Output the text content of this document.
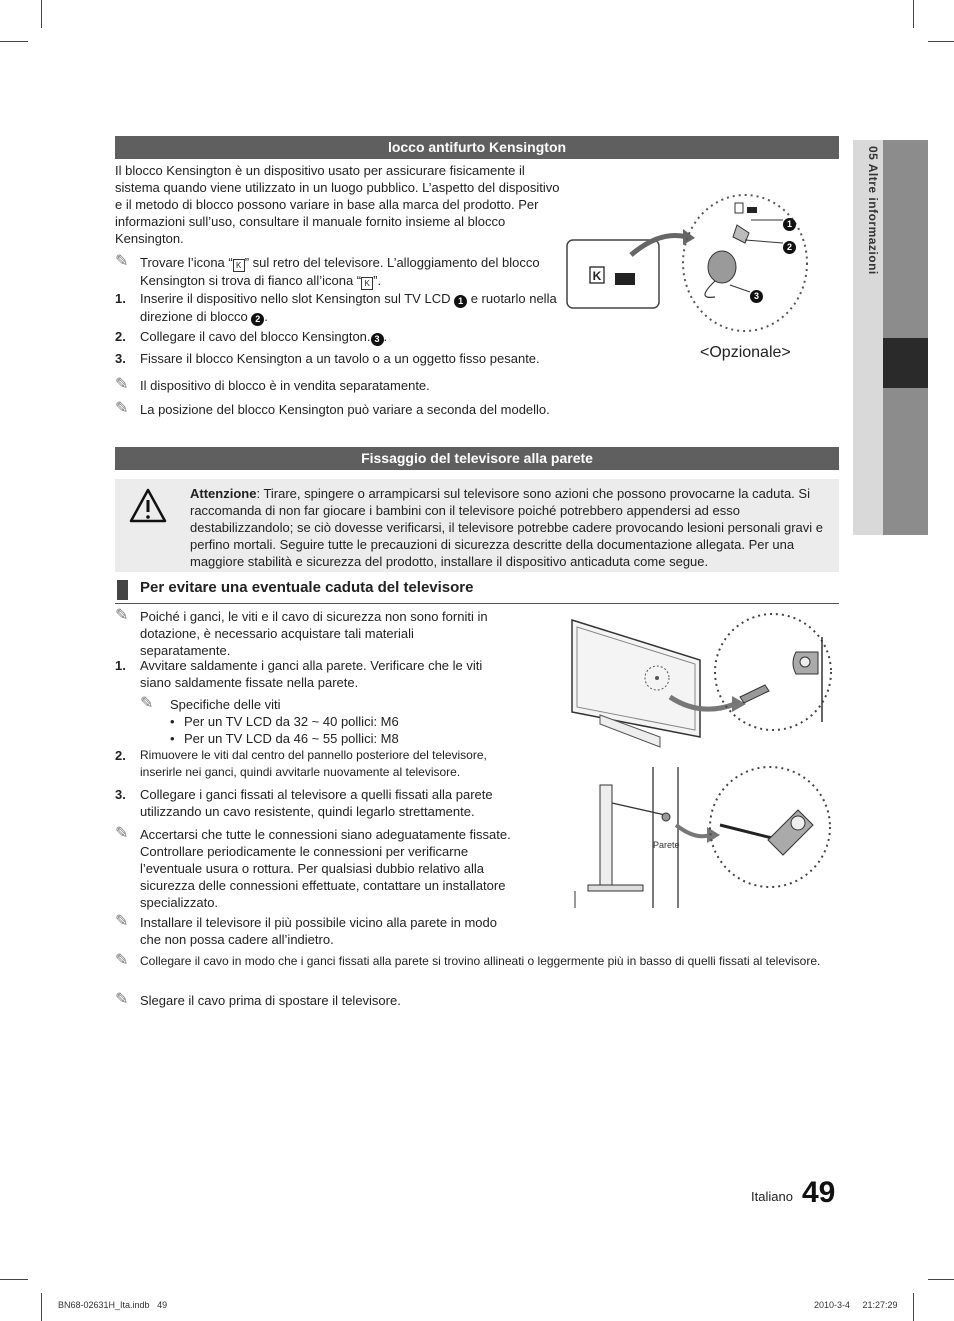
05 Altre informazioni
locco antifurto Kensington
Il blocco Kensington è un dispositivo usato per assicurare fisicamente il sistema quando viene utilizzato in un luogo pubblico. L’aspetto del dispositivo e il metodo di blocco possono variare in base alla marca del prodotto. Per informazioni sull’uso, consultare il manuale fornito insieme al blocco Kensington.
✎ Trovare l’icona “ K ” sul retro del televisore. L’alloggiamento del blocco Kensington si trova di fianco all’icona “ K ”.
1. Inserire il dispositivo nello slot Kensington sul TV LCD 1 e ruotarlo nella direzione di blocco 2 .
2. Collegare il cavo del blocco Kensington. 3 .
3. Fissare il blocco Kensington a un tavolo o a un oggetto fisso pesante.
✎ Il dispositivo di blocco è in vendita separatamente.
✎ La posizione del blocco Kensington può variare a seconda del modello.
K
1
2
3
<Opzionale>
Fissaggio del televisore alla parete
Attenzione: Tirare, spingere o arrampicarsi sul televisore sono azioni che possono provocarne la caduta. Si raccomanda di non far giocare i bambini con il televisore poiché potrebbero appendersi ad esso destabilizzandolo; se ciò dovesse verificarsi, il televisore potrebbe cadere provocando lesioni personali gravi e perfino mortali. Seguire tutte le precauzioni di sicurezza descritte della documentazione allegata. Per una maggiore stabilità e sicurezza del prodotto, installare il dispositivo anticaduta come segue.
Per evitare una eventuale caduta del televisore
✎ Poiché i ganci, le viti e il cavo di sicurezza non sono forniti in dotazione, è necessario acquistare tali materiali separatamente.
1. Avvitare saldamente i ganci alla parete. Verificare che le viti siano saldamente fissate nella parete.
✎ Specifiche delle viti
• Per un TV LCD da 32 ~ 40 pollici: M6
• Per un TV LCD da 46 ~ 55 pollici: M8
2. Rimuovere le viti dal centro del pannello posteriore del televisore, inserirle nei ganci, quindi avvitarle nuovamente al televisore.
3. Collegare i ganci fissati al televisore a quelli fissati alla parete utilizzando un cavo resistente, quindi legarlo strettamente.
✎ Accertarsi che tutte le connessioni siano adeguatamente fissate. Controllare periodicamente le connessioni per verificarne l’eventuale usura o rottura. Per qualsiasi dubbio relativo alla sicurezza delle connessioni effettuate, contattare un installatore specializzato.
✎ Installare il televisore il più possibile vicino alla parete in modo che non possa cadere all’indietro.
✎ Collegare il cavo in modo che i ganci fissati alla parete si trovino allineati o leggermente più in basso di quelli fissati al televisore.
✎ Slegare il cavo prima di spostare il televisore.
Parete
Italiano 49
BN68-02631H_Ita.indb   49	2010-3-4     21:27:29
